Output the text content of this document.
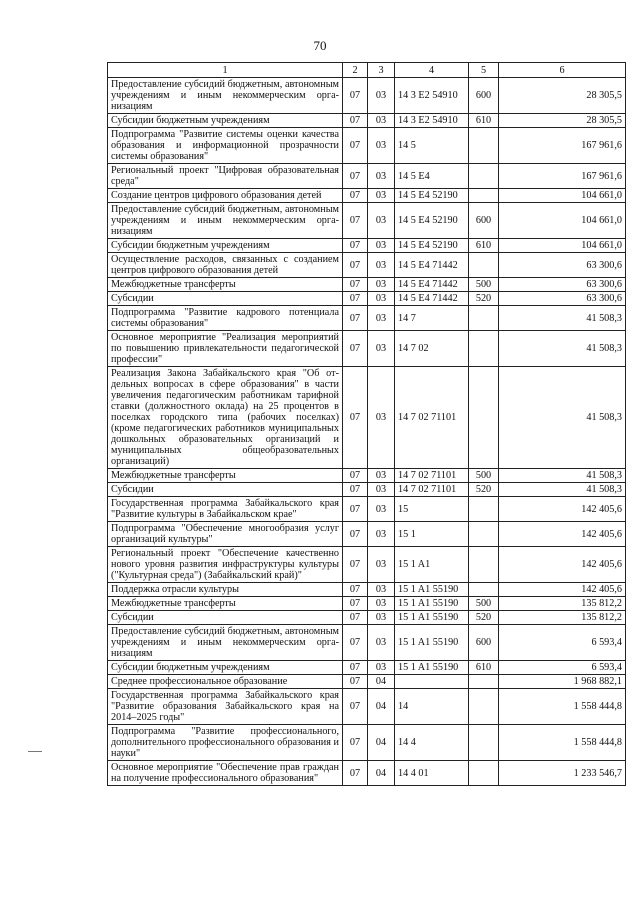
70
1	2	3	4	5	6
Предоставление субсидий бюджетным, автономным учреждениям и иным некоммерческим организациям	07	03	14 3 E2 54910	600	28 305,5
Субсидии бюджетным учреждениям	07	03	14 3 E2 54910	610	28 305,5
Подпрограмма "Развитие системы оценки качества образования и информационной прозрачности системы образования"	07	03	14 5		167 961,6
Региональный проект "Цифровая образовательная среда"	07	03	14 5 E4		167 961,6
Создание центров цифрового образования детей	07	03	14 5 E4 52190		104 661,0
Предоставление субсидий бюджетным, автономным учреждениям и иным некоммерческим организациям	07	03	14 5 E4 52190	600	104 661,0
Субсидии бюджетным учреждениям	07	03	14 5 E4 52190	610	104 661,0
Осуществление расходов, связанных с созданием центров цифрового образования детей	07	03	14 5 E4 71442		63 300,6
Межбюджетные трансферты	07	03	14 5 E4 71442	500	63 300,6
Субсидии	07	03	14 5 E4 71442	520	63 300,6
Подпрограмма "Развитие кадрового потенциала системы образования"	07	03	14 7		41 508,3
Основное мероприятие "Реализация мероприятий по повышению привлекательности педагогической профессии"	07	03	14 7 02		41 508,3
Реализация Закона Забайкальского края "Об отдельных вопросах в сфере образования" в части увеличения педагогическим работникам тарифной ставки (должностного оклада) на 25 процентов в поселках городского типа (рабочих поселках) (кроме педагогических работников муниципальных дошкольных образовательных организаций и муниципальных общеобразовательных организаций)	07	03	14 7 02 71101		41 508,3
Межбюджетные трансферты	07	03	14 7 02 71101	500	41 508,3
Субсидии	07	03	14 7 02 71101	520	41 508,3
Государственная программа Забайкальского края "Развитие культуры в Забайкальском крае"	07	03	15		142 405,6
Подпрограмма "Обеспечение многообразия услуг организаций культуры"	07	03	15 1		142 405,6
Региональный проект "Обеспечение качественно нового уровня развития инфраструктуры культуры ("Культурная среда") (Забайкальский край)"	07	03	15 1 A1		142 405,6
Поддержка отрасли культуры	07	03	15 1 A1 55190		142 405,6
Межбюджетные трансферты	07	03	15 1 A1 55190	500	135 812,2
Субсидии	07	03	15 1 A1 55190	520	135 812,2
Предоставление субсидий бюджетным, автономным учреждениям и иным некоммерческим организациям	07	03	15 1 A1 55190	600	6 593,4
Субсидии бюджетным учреждениям	07	03	15 1 A1 55190	610	6 593,4
Среднее профессиональное образование	07	04			1 968 882,1
Государственная программа Забайкальского края "Развитие образования Забайкальского края на 2014–2025 годы"	07	04	14		1 558 444,8
Подпрограмма "Развитие профессионального, дополнительного профессионального образования и науки"	07	04	14 4		1 558 444,8
Основное мероприятие "Обеспечение прав граждан на получение профессионального образования"	07	04	14 4 01		1 233 546,7
